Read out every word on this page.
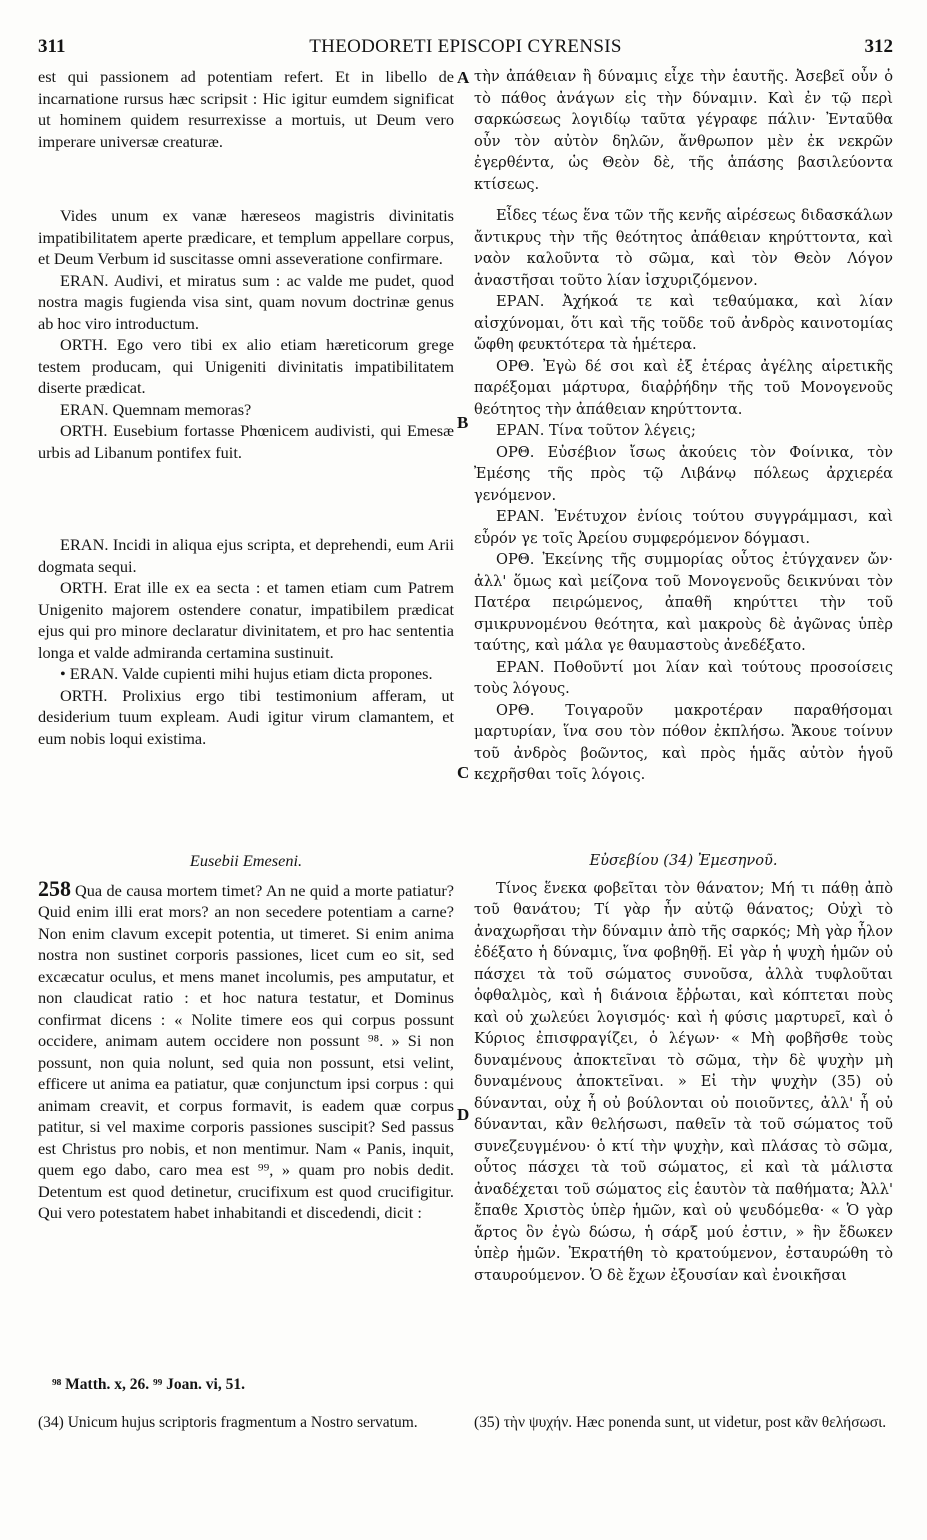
311	THEODORETI EPISCOPI CYRENSIS	312

est qui passionem ad potentiam refert. Et in libello de incarnatione rursus hæc scripsit : Hic igitur eumdem significat ut hominem quidem resurrexisse a mortuis, ut Deum vero imperare universæ creaturæ.

Vides unum ex vanæ hæreseos magistris divinitatis impatibilitatem aperte prædicare, et templum appellare corpus, et Deum Verbum id suscitasse omni asseveratione confirmare.

ERAN. Audivi, et miratus sum : ac valde me pudet, quod nostra magis fugienda visa sint, quam novum doctrinæ genus ab hoc viro introductum.

ORTH. Ego vero tibi ex alio etiam hæreticorum grege testem producam, qui Unigeniti divinitatis impatibilitatem diserte prædicat.

ERAN. Quemnam memoras?

ORTH. Eusebium fortasse Phœnicem audivisti, qui Emesæ urbis ad Libanum pontifex fuit.

ERAN. Incidi in aliqua ejus scripta, et deprehendi, eum Arii dogmata sequi.

ORTH. Erat ille ex ea secta : et tamen etiam cum Patrem Unigenito majorem ostendere conatur, impatibilem prædicat ejus qui pro minore declaratur divinitatem, et pro hac sententia longa et valde admiranda certamina sustinuit.

• ERAN. Valde cupienti mihi hujus etiam dicta propones.

ORTH. Prolixius ergo tibi testimonium afferam, ut desiderium tuum expleam. Audi igitur virum clamantem, et eum nobis loqui existima.

Eusebii Emeseni.

258 Qua de causa mortem timet? An ne quid a morte patiatur? Quid enim illi erat mors? an non secedere potentiam a carne? Non enim clavum excepit potentia, ut timeret. Si enim anima nostra non sustinet corporis passiones, licet cum eo sit, sed excæcatur oculus, et mens manet incolumis, pes amputatur, et non claudicat ratio : et hoc natura testatur, et Dominus confirmat dicens : « Nolite timere eos qui corpus possunt occidere, animam autem occidere non possunt ⁹⁸. » Si non possunt, non quia nolunt, sed quia non possunt, etsi velint, efficere ut anima ea patiatur, quæ conjunctum ipsi corpus : qui animam creavit, et corpus formavit, is eadem quæ corpus patitur, si vel maxime corporis passiones suscipit? Sed passus est Christus pro nobis, et non mentimur. Nam « Panis, inquit, quem ego dabo, caro mea est ⁹⁹, » quam pro nobis dedit. Detentum est quod detinetur, crucifixum est quod crucifigitur. Qui vero potestatem habet inhabitandi et discedendi, dicit :

τὴν ἀπάθειαν ἢ δύναμις εἶχε τὴν ἑαυτῆς. Ἀσεβεῖ οὖν ὁ τὸ πάθος ἀνάγων εἰς τὴν δύναμιν. Καὶ ἐν τῷ περὶ σαρκώσεως λογιδίῳ ταῦτα γέγραφε πάλιν· Ἐνταῦθα οὖν τὸν αὐτὸν δηλῶν, ἄνθρωπον μὲν ἐκ νεκρῶν ἐγερθέντα, ὡς Θεὸν δὲ, τῆς ἁπάσης βασιλεύοντα κτίσεως.

Εἶδες τέως ἕνα τῶν τῆς κενῆς αἱρέσεως διδασκάλων ἄντικρυς τὴν τῆς θεότητος ἀπάθειαν κηρύττοντα, καὶ ναὸν καλοῦντα τὸ σῶμα, καὶ τὸν Θεὸν Λόγον ἀναστῆσαι τοῦτο λίαν ἰσχυριζόμενον.

ΕΡΑΝ. Ἀχήκοά τε καὶ τεθαύμακα, καὶ λίαν αἰσχύνομαι, ὅτι καὶ τῆς τοῦδε τοῦ ἀνδρὸς καινοτομίας ὤφθη φευκτότερα τὰ ἡμέτερα.

ΟΡΘ. Ἐγὼ δέ σοι καὶ ἐξ ἑτέρας ἀγέλης αἱρετικῆς παρέξομαι μάρτυρα, διαῤῥήδην τῆς τοῦ Μονογενοῦς θεότητος τὴν ἀπάθειαν κηρύττοντα.

ΕΡΑΝ. Τίνα τοῦτον λέγεις;

ΟΡΘ. Εὐσέβιον ἴσως ἀκούεις τὸν Φοίνικα, τὸν Ἐμέσης τῆς πρὸς τῷ Λιβάνῳ πόλεως ἀρχιερέα γενόμενον.

ΕΡΑΝ. Ἐνέτυχον ἐνίοις τούτου συγγράμμασι, καὶ εὗρόν γε τοῖς Ἀρείου συμφερόμενον δόγμασι.

ΟΡΘ. Ἐκείνης τῆς συμμορίας οὗτος ἐτύγχανεν ὤν· ἀλλ' ὅμως καὶ μείζονα τοῦ Μονογενοῦς δεικνύναι τὸν Πατέρα πειρώμενος, ἀπαθῆ κηρύττει τὴν τοῦ σμικρυνομένου θεότητα, καὶ μακροὺς δὲ ἀγῶνας ὑπὲρ ταύτης, καὶ μάλα γε θαυμαστοὺς ἀνεδέξατο.

ΕΡΑΝ. Ποθοῦντί μοι λίαν καὶ τούτους προσοίσεις τοὺς λόγους.

ΟΡΘ. Τοιγαροῦν μακροτέραν παραθήσομαι μαρτυρίαν, ἵνα σου τὸν πόθον ἐκπλήσω. Ἄκουε τοίνυν τοῦ ἀνδρὸς βοῶντος, καὶ πρὸς ἡμᾶς αὐτὸν ἡγοῦ κεχρῆσθαι τοῖς λόγοις.

Εὐσεβίου (34) Ἐμεσηνοῦ.

Τίνος ἕνεκα φοβεῖται τὸν θάνατον; Μή τι πάθῃ ἀπὸ τοῦ θανάτου; Τί γὰρ ἦν αὐτῷ θάνατος; Οὐχὶ τὸ ἀναχωρῆσαι τὴν δύναμιν ἀπὸ τῆς σαρκός; Μὴ γὰρ ἧλον ἐδέξατο ἡ δύναμις, ἵνα φοβηθῇ. Εἰ γὰρ ἡ ψυχὴ ἡμῶν οὐ πάσχει τὰ τοῦ σώματος συνοῦσα, ἀλλὰ τυφλοῦται ὀφθαλμὸς, καὶ ἡ διάνοια ἔῤῥωται, καὶ κόπτεται ποὺς καὶ οὐ χωλεύει λογισμός· καὶ ἡ φύσις μαρτυρεῖ, καὶ ὁ Κύριος ἐπισφραγίζει, ὁ λέγων· « Μὴ φοβῆσθε τοὺς δυναμένους ἀποκτεῖναι τὸ σῶμα, τὴν δὲ ψυχὴν μὴ δυναμένους ἀποκτεῖναι. » Εἰ τὴν ψυχὴν (35) οὐ δύνανται, οὐχ ἧ οὐ βούλονται οὐ ποιοῦντες, ἀλλ' ἧ οὐ δύνανται, κἂν θελήσωσι, παθεῖν τὰ τοῦ σώματος τοῦ συνεζευγμένου· ὁ κτί τὴν ψυχὴν, καὶ πλάσας τὸ σῶμα, οὗτος πάσχει τὰ τοῦ σώματος, εἰ καὶ τὰ μάλιστα ἀναδέχεται τοῦ σώματος εἰς ἑαυτὸν τὰ παθήματα; Ἀλλ' ἔπαθε Χριστὸς ὑπὲρ ἡμῶν, καὶ οὐ ψευδόμεθα· « Ὁ γὰρ ἄρτος ὃν ἐγὼ δώσω, ἡ σάρξ μού ἐστιν, » ἣν ἔδωκεν ὑπὲρ ἡμῶν. Ἐκρατήθη τὸ κρατούμενον, ἐσταυρώθη τὸ σταυρούμενον. Ὁ δὲ ἔχων ἐξουσίαν καὶ ἐνοικῆσαι

A
B
C
D

⁹⁸ Matth. x, 26. ⁹⁹ Joan. vi, 51.

(34) Unicum hujus scriptoris fragmentum a Nostro servatum.	(35) τὴν ψυχήν. Hæc ponenda sunt, ut videtur, post κἂν θελήσωσι.
